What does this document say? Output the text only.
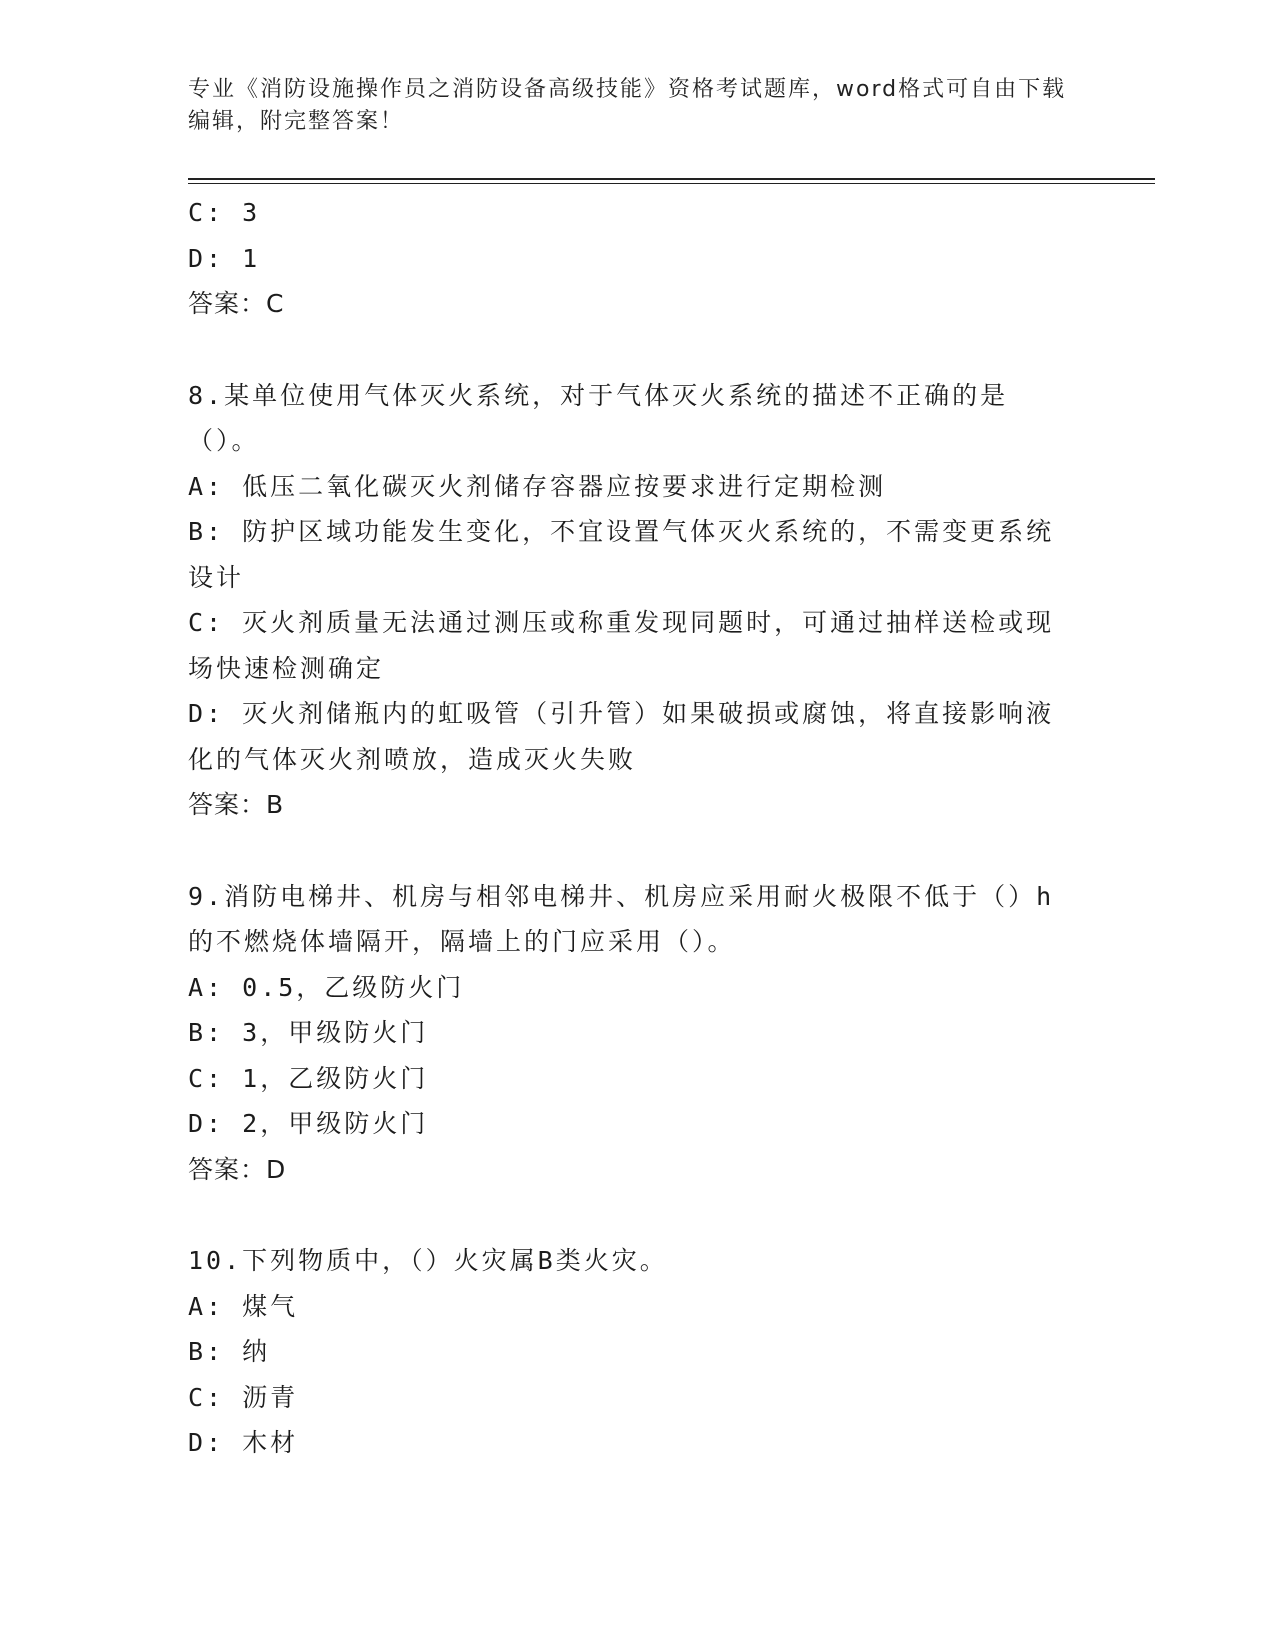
专业《消防设施操作员之消防设备高级技能》资格考试题库，word格式可自由下载编辑，附完整答案！

C: 3

D: 1

答案：C

8.某单位使用气体灭火系统，对于气体灭火系统的描述不正确的是（）。

A: 低压二氧化碳灭火剂储存容器应按要求进行定期检测

B: 防护区域功能发生变化，不宜设置气体灭火系统的，不需变更系统设计

C: 灭火剂质量无法通过测压或称重发现同题时，可通过抽样送检或现场快速检测确定

D: 灭火剂储瓶内的虹吸管（引升管）如果破损或腐蚀，将直接影响液化的气体灭火剂喷放，造成灭火失败

答案：B

9.消防电梯井、机房与相邻电梯井、机房应采用耐火极限不低于（）h的不燃烧体墙隔开，隔墙上的门应采用（）。

A: 0.5，乙级防火门

B: 3，甲级防火门

C: 1，乙级防火门

D: 2，甲级防火门

答案：D

10.下列物质中，（）火灾属B类火灾。

A: 煤气

B: 纳

C: 沥青

D: 木材
